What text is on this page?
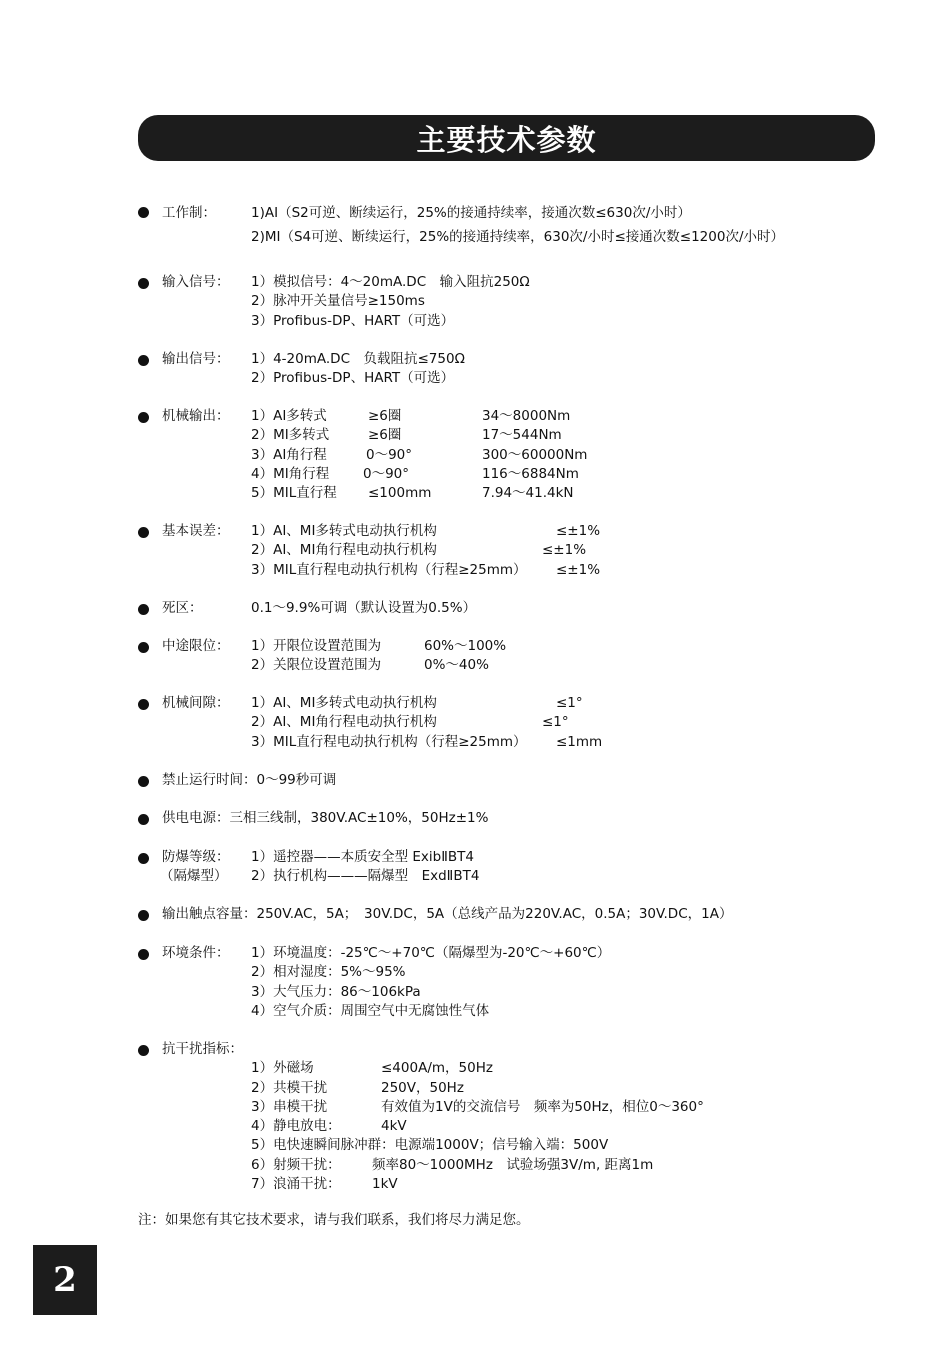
主要技术参数
工作制：	1)AI（S2可逆、断续运行，25%的接通持续率，接通次数≤630次/小时）
2)MI（S4可逆、断续运行，25%的接通持续率，630次/小时≤接通次数≤1200次/小时）
输入信号： 1）模拟信号：4～20mA.DC　输入阻抗250Ω
2）脉冲开关量信号≥150ms
3）Profibus-DP、HART（可选）
输出信号： 1）4-20mA.DC　负载阻抗≤750Ω
2）Profibus-DP、HART（可选）
机械输出： 1）AI多转式	≥6圈	34～8000Nm
2）MI多转式	≥6圈	17～544Nm
3）AI角行程	0～90°	300～60000Nm
4）MI角行程	0～90°	116～6884Nm
5）MIL直行程 ≤100mm	7.94～41.4kN
基本误差： 1）AI、MI多转式电动执行机构	≤±1%
2）AI、MI角行程电动执行机构	≤±1%
3）MIL直行程电动执行机构（行程≥25mm） ≤±1%
死区：	0.1～9.9%可调（默认设置为0.5%）
中途限位： 1）开限位设置范围为	60%～100%
2）关限位设置范围为	0%～40%
机械间隙： 1）AI、MI多转式电动执行机构	≤1°
2）AI、MI角行程电动执行机构	≤1°
3）MIL直行程电动执行机构（行程≥25mm） ≤1mm
禁止运行时间：0～99秒可调
供电电源：三相三线制，380V.AC±10%，50Hz±1%
防爆等级： 1）遥控器——本质安全型 ExibⅡBT4
（隔爆型） 2）执行机构———隔爆型　ExdⅡBT4
输出触点容量：250V.AC，5A；　30V.DC，5A（总线产品为220V.AC，0.5A；30V.DC，1A）
环境条件： 1）环境温度：-25℃～+70℃（隔爆型为-20℃～+60℃）
2）相对湿度：5%～95%
3）大气压力：86～106kPa
4）空气介质：周围空气中无腐蚀性气体
抗干扰指标：
1）外磁场	≤400A/m，50Hz
2）共模干扰	250V，50Hz
3）串模干扰	有效值为1V的交流信号　频率为50Hz，相位0～360°
4）静电放电：	4kV
5）电快速瞬间脉冲群：电源端1000V；信号输入端：500V
6）射频干扰： 频率80～1000MHz　试验场强3V/m, 距离1m
7）浪涌干扰： 1kV
注：如果您有其它技术要求，请与我们联系，我们将尽力满足您。
2
